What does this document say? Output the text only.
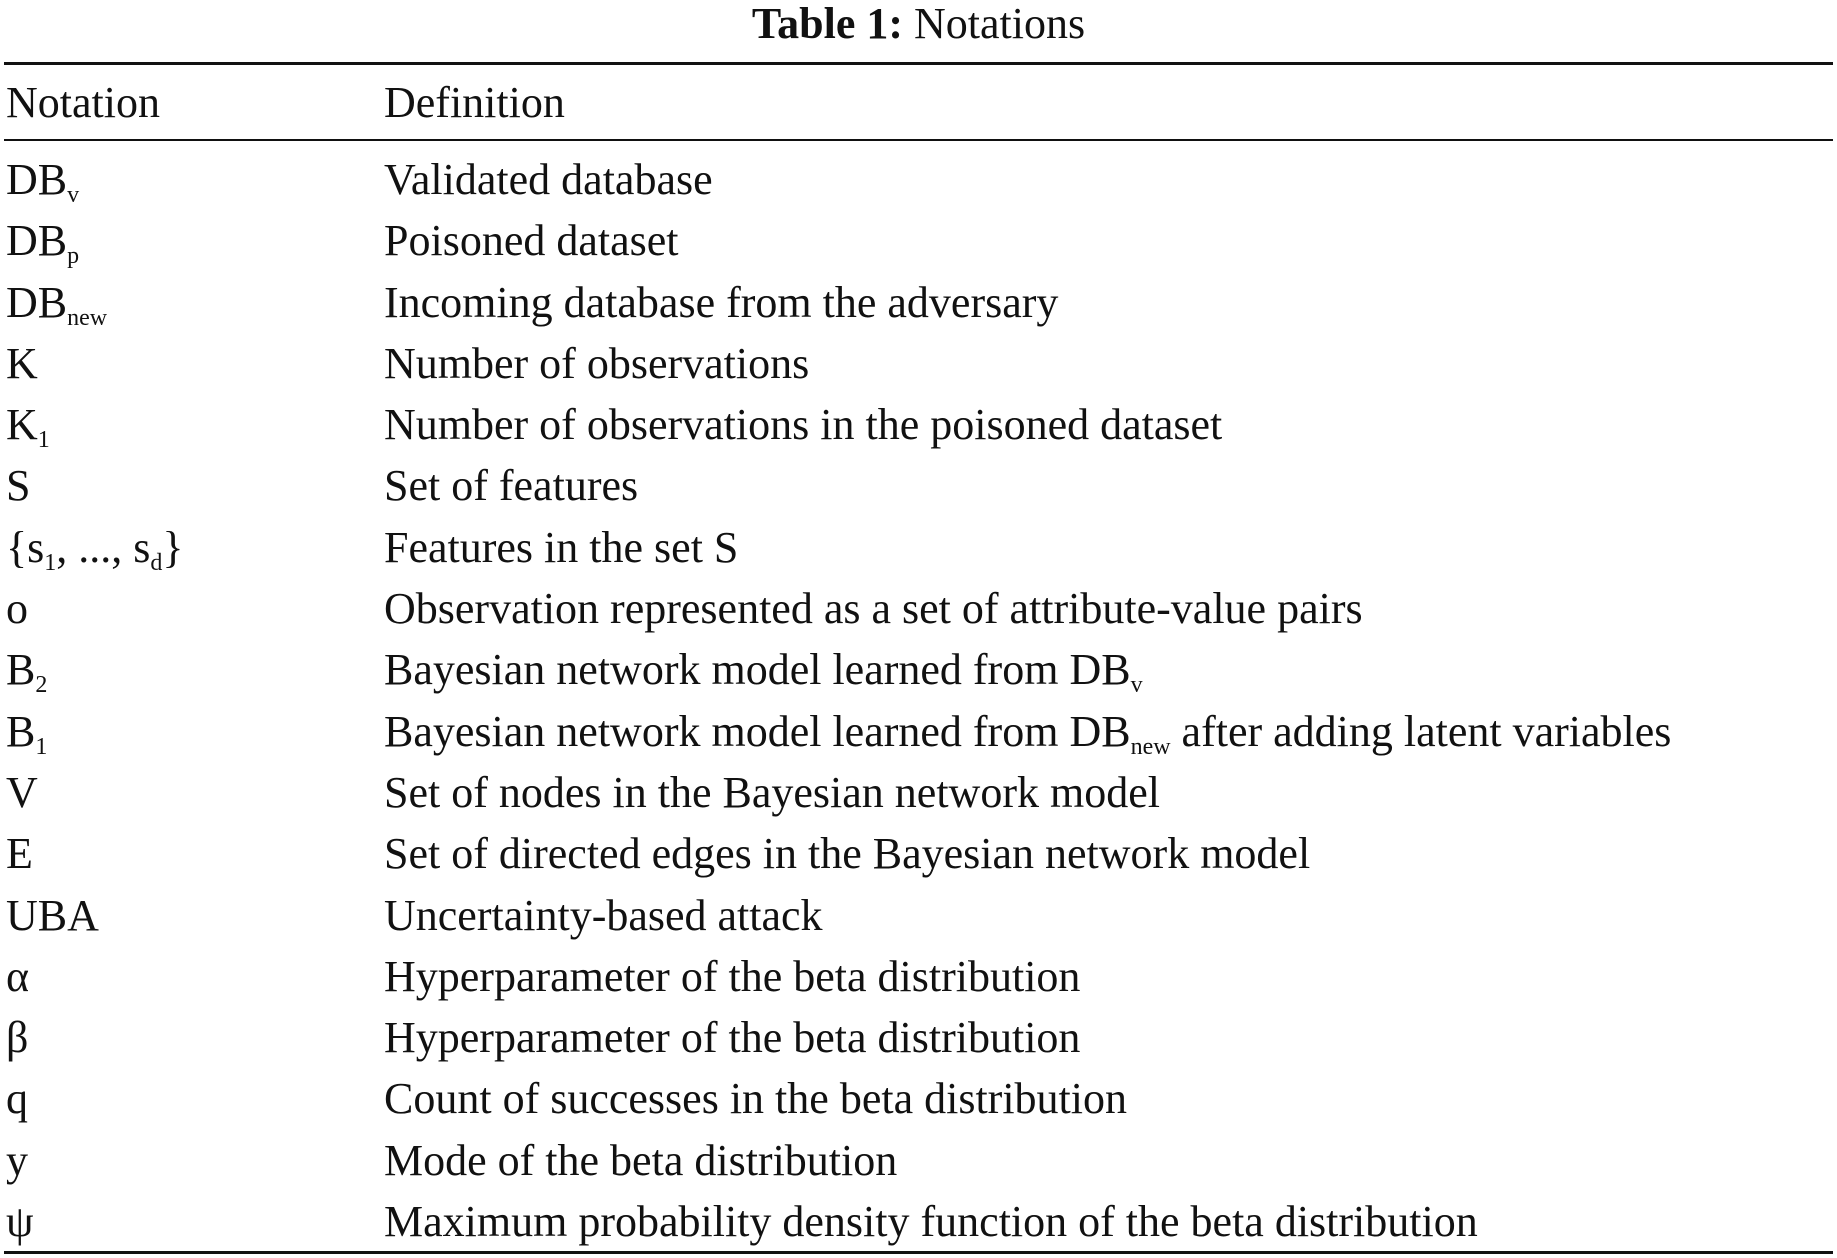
Table 1: Notations
Notation	Definition
$DB_v$	Validated database
$DB_p$	Poisoned dataset
$DB_{new}$	Incoming database from the adversary
K	Number of observations
$K_1$	Number of observations in the poisoned dataset
S	Set of features
{$s_1$, ..., $s_d$}	Features in the set S
o	Observation represented as a set of attribute-value pairs
$B_2$	Bayesian network model learned from $DB_v$
$B_1$	Bayesian network model learned from $DB_{new}$ after adding latent variables
V	Set of nodes in the Bayesian network model
E	Set of directed edges in the Bayesian network model
UBA	Uncertainty-based attack
α	Hyperparameter of the beta distribution
β	Hyperparameter of the beta distribution
q	Count of successes in the beta distribution
y	Mode of the beta distribution
ψ	Maximum probability density function of the beta distribution
